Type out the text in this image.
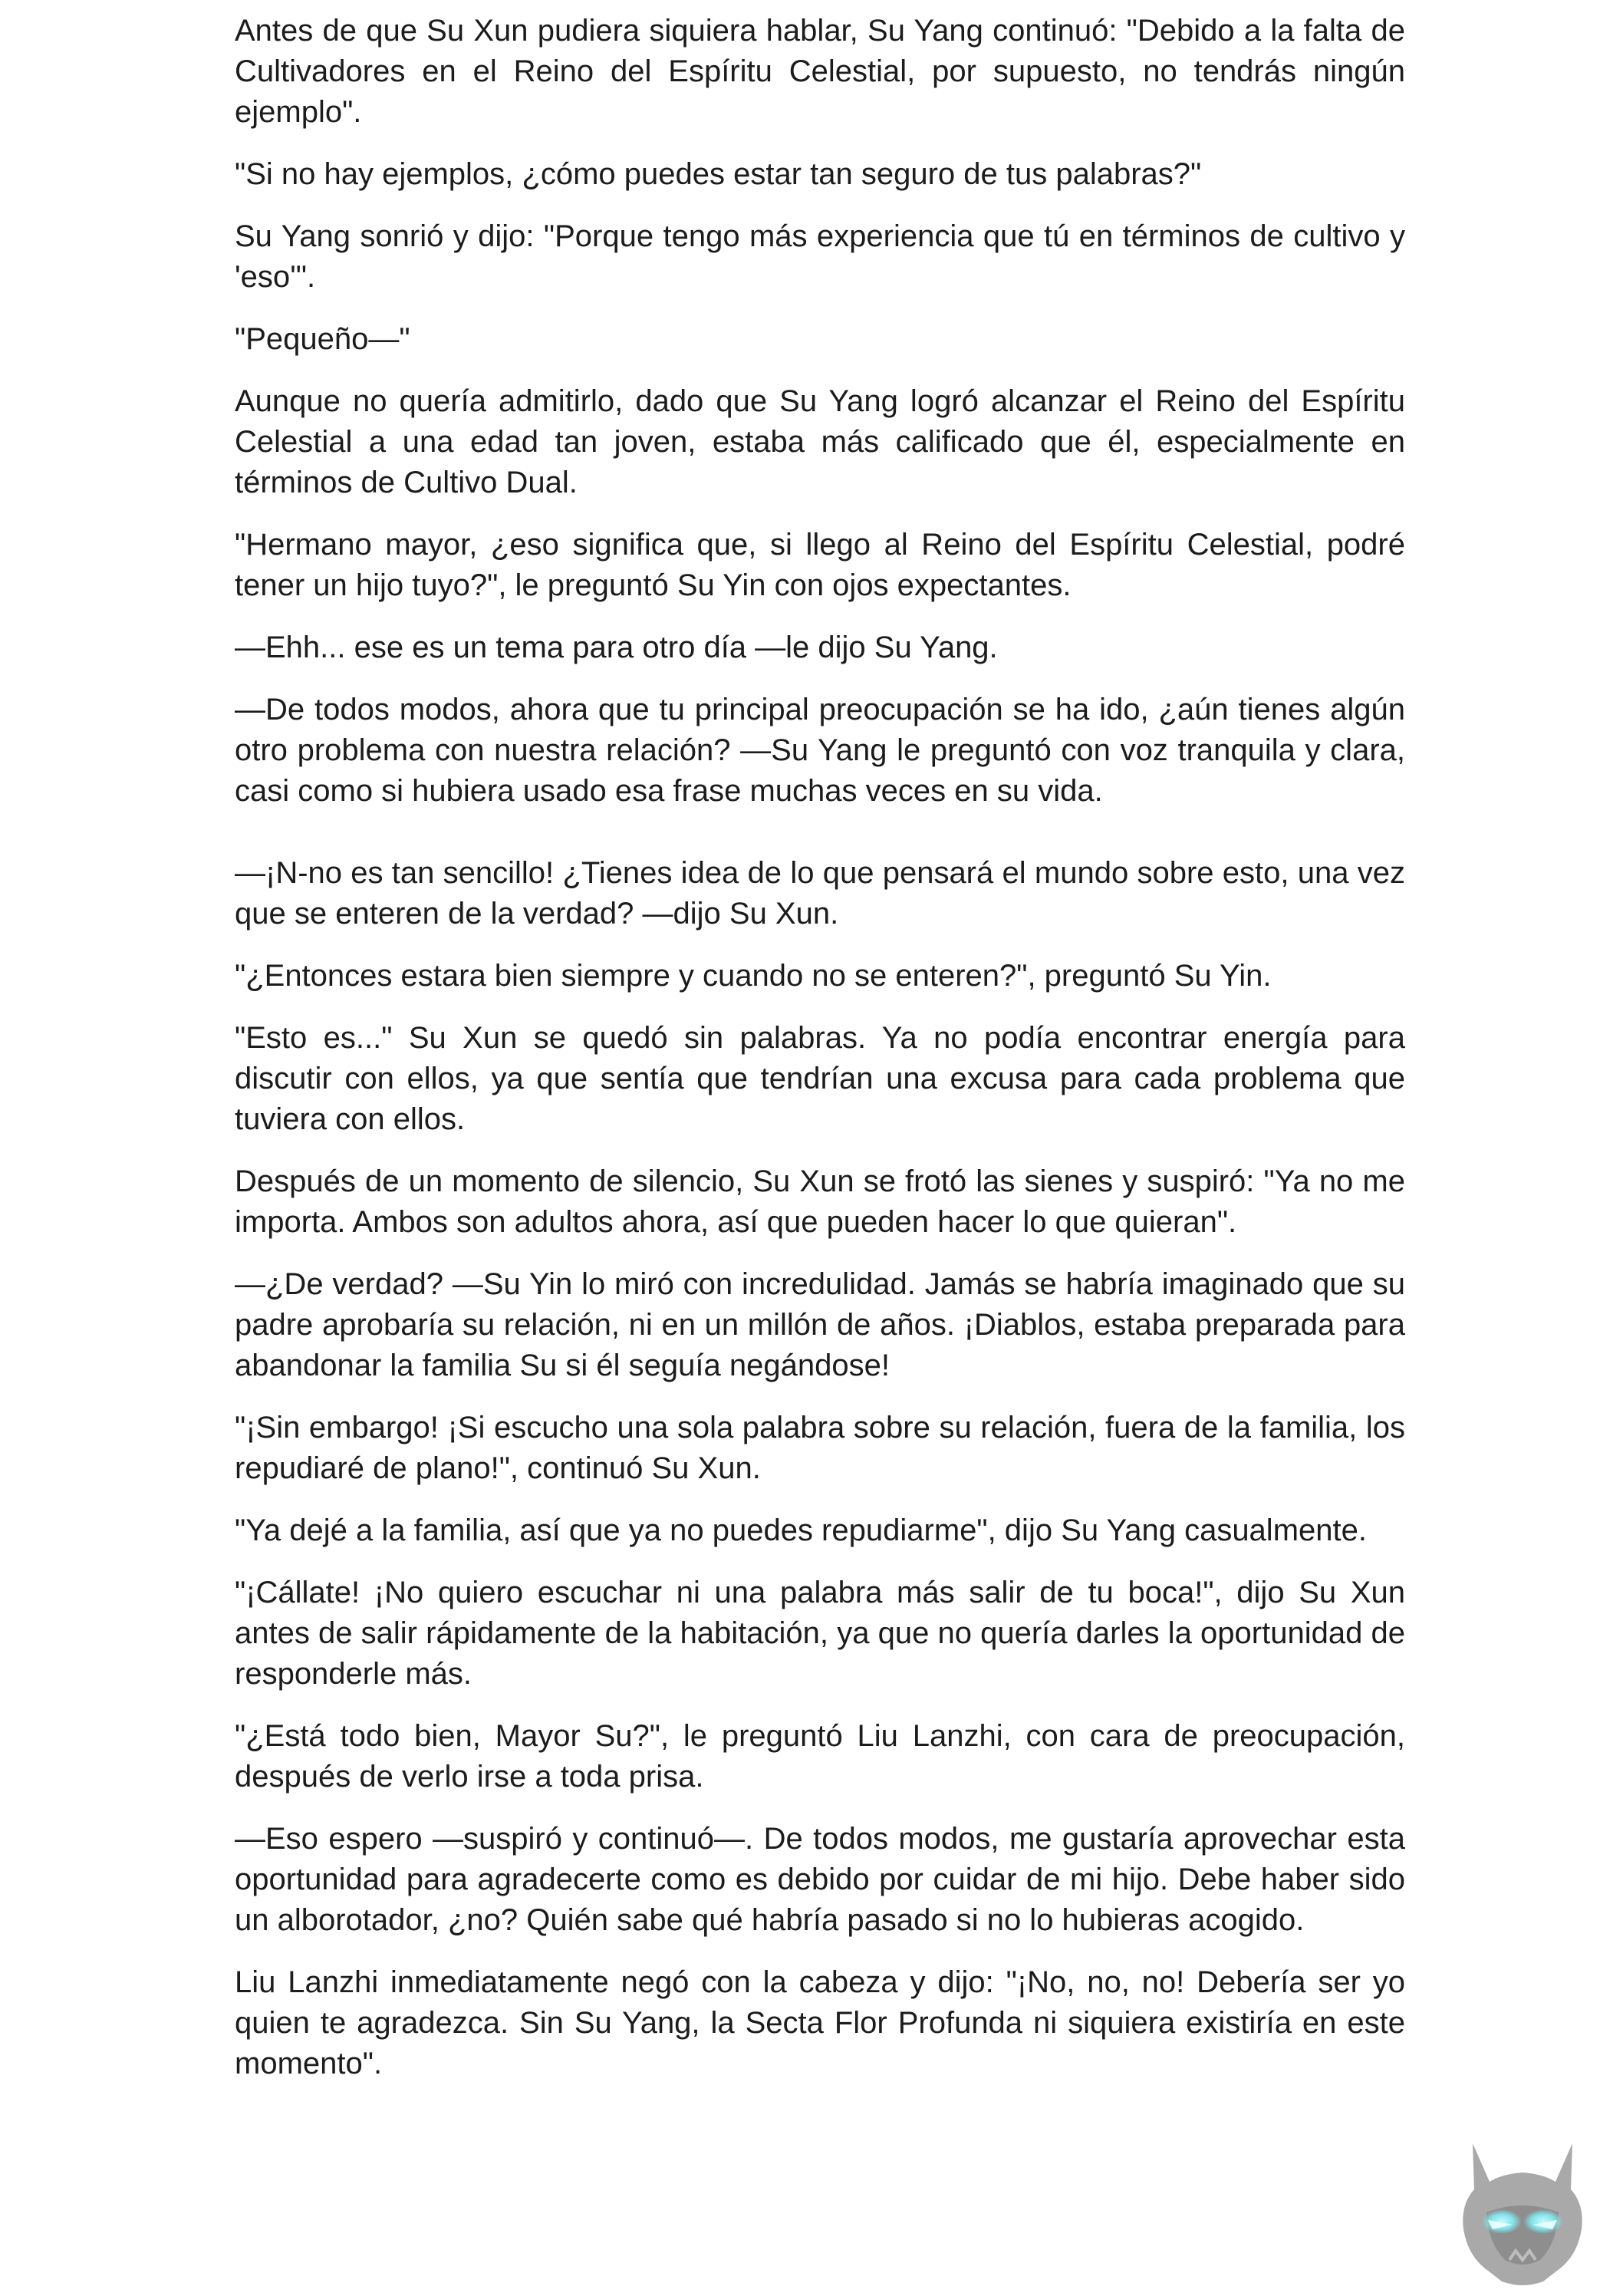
Antes de que Su Xun pudiera siquiera hablar, Su Yang continuó: "Debido a la falta de Cultivadores en el Reino del Espíritu Celestial, por supuesto, no tendrás ningún ejemplo".

"Si no hay ejemplos, ¿cómo puedes estar tan seguro de tus palabras?"

Su Yang sonrió y dijo: "Porque tengo más experiencia que tú en términos de cultivo y 'eso'".

"Pequeño—"

Aunque no quería admitirlo, dado que Su Yang logró alcanzar el Reino del Espíritu Celestial a una edad tan joven, estaba más calificado que él, especialmente en términos de Cultivo Dual.

"Hermano mayor, ¿eso significa que, si llego al Reino del Espíritu Celestial, podré tener un hijo tuyo?", le preguntó Su Yin con ojos expectantes.

—Ehh... ese es un tema para otro día —le dijo Su Yang.

—De todos modos, ahora que tu principal preocupación se ha ido, ¿aún tienes algún otro problema con nuestra relación? —Su Yang le preguntó con voz tranquila y clara, casi como si hubiera usado esa frase muchas veces en su vida.

—¡N-no es tan sencillo! ¿Tienes idea de lo que pensará el mundo sobre esto, una vez que se enteren de la verdad? —dijo Su Xun.

"¿Entonces estara bien siempre y cuando no se enteren?", preguntó Su Yin.

"Esto es..." Su Xun se quedó sin palabras. Ya no podía encontrar energía para discutir con ellos, ya que sentía que tendrían una excusa para cada problema que tuviera con ellos.

Después de un momento de silencio, Su Xun se frotó las sienes y suspiró: "Ya no me importa. Ambos son adultos ahora, así que pueden hacer lo que quieran".

—¿De verdad? —Su Yin lo miró con incredulidad. Jamás se habría imaginado que su padre aprobaría su relación, ni en un millón de años. ¡Diablos, estaba preparada para abandonar la familia Su si él seguía negándose!

"¡Sin embargo! ¡Si escucho una sola palabra sobre su relación, fuera de la familia, los repudiaré de plano!", continuó Su Xun.

"Ya dejé a la familia, así que ya no puedes repudiarme", dijo Su Yang casualmente.

"¡Cállate! ¡No quiero escuchar ni una palabra más salir de tu boca!", dijo Su Xun antes de salir rápidamente de la habitación, ya que no quería darles la oportunidad de responderle más.

"¿Está todo bien, Mayor Su?", le preguntó Liu Lanzhi, con cara de preocupación, después de verlo irse a toda prisa.

—Eso espero —suspiró y continuó—. De todos modos, me gustaría aprovechar esta oportunidad para agradecerte como es debido por cuidar de mi hijo. Debe haber sido un alborotador, ¿no? Quién sabe qué habría pasado si no lo hubieras acogido.

Liu Lanzhi inmediatamente negó con la cabeza y dijo: "¡No, no, no! Debería ser yo quien te agradezca. Sin Su Yang, la Secta Flor Profunda ni siquiera existiría en este momento".
